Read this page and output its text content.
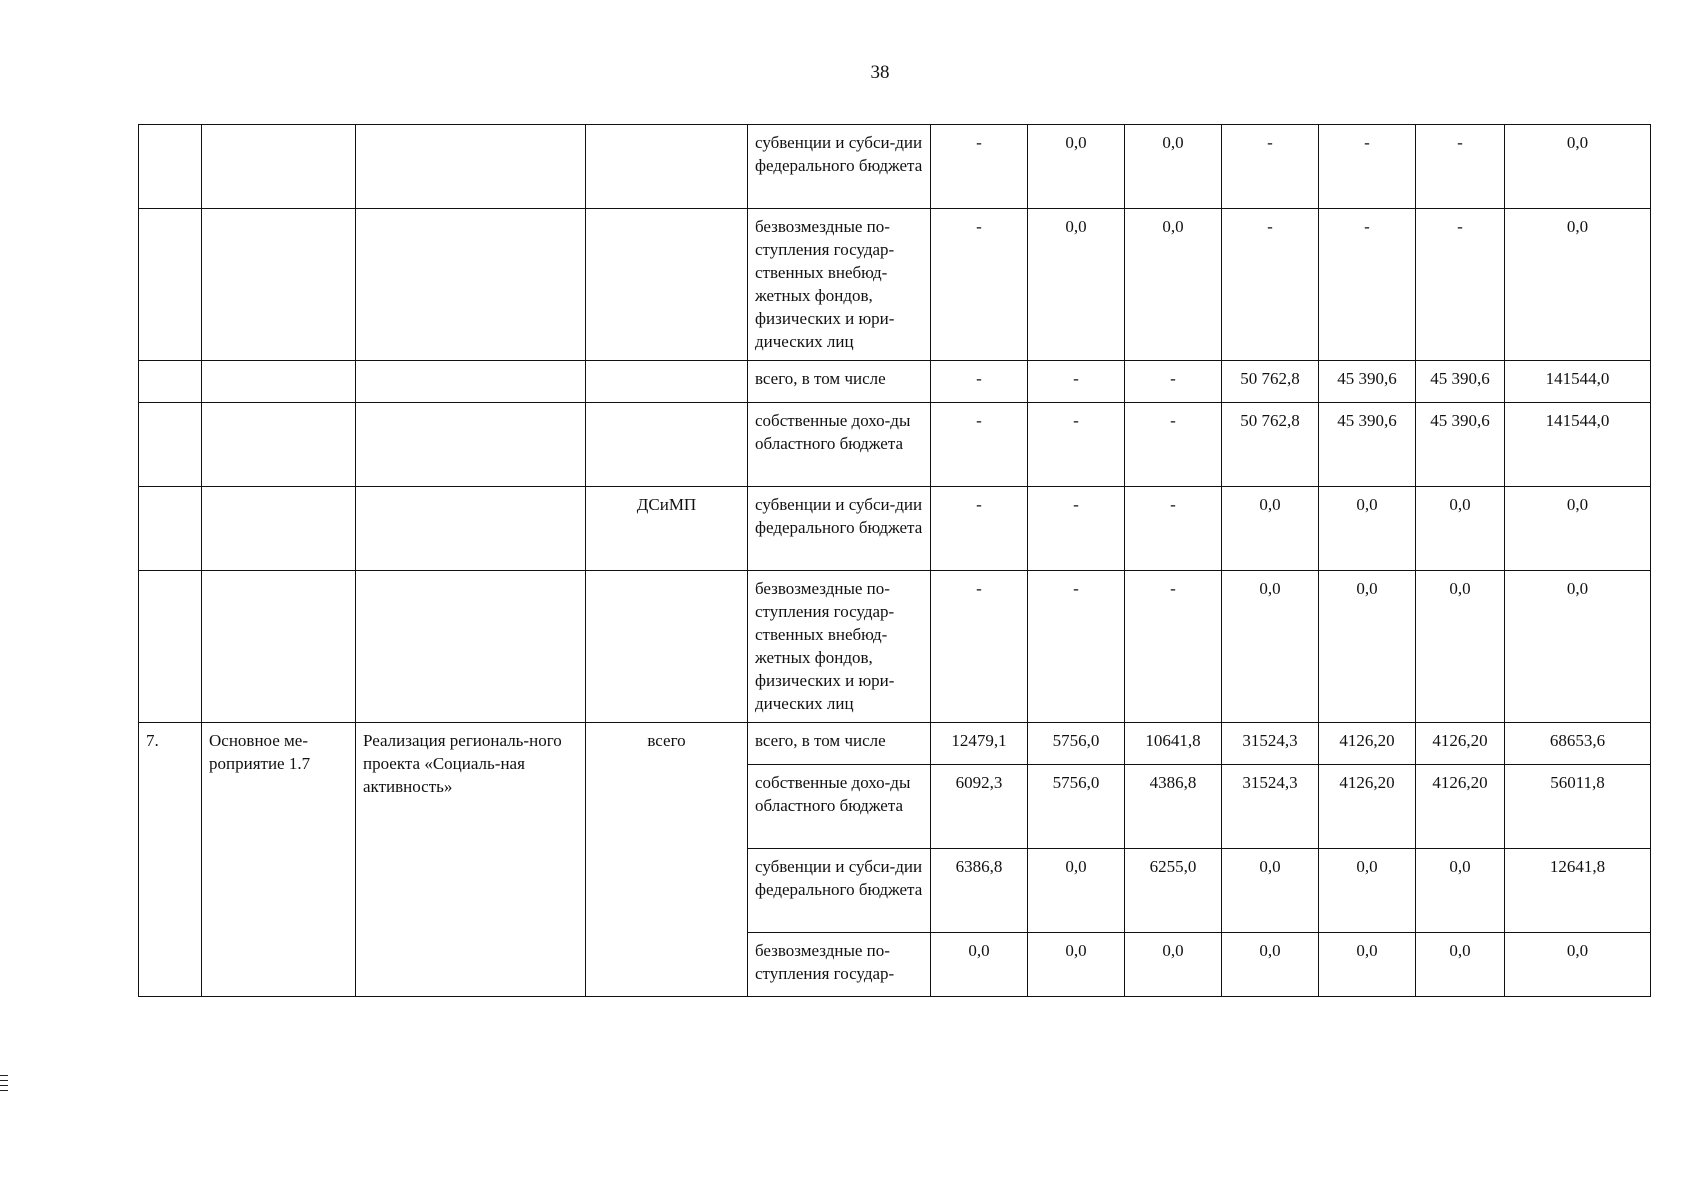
38
				субвенции и субси-дии федерального бюджета	-	0,0	0,0	-	-	-	0,0
				безвозмездные по-ступления государ-ственных внебюд-жетных фондов, физических и юри-дических лиц	-	0,0	0,0	-	-	-	0,0
				всего, в том числе	-	-	-	50 762,8	45 390,6	45 390,6	141544,0
				собственные дохо-ды областного бюджета	-	-	-	50 762,8	45 390,6	45 390,6	141544,0
			ДСиМП	субвенции и субси-дии федерального бюджета	-	-	-	0,0	0,0	0,0	0,0
				безвозмездные по-ступления государ-ственных внебюд-жетных фондов, физических и юри-дических лиц	-	-	-	0,0	0,0	0,0	0,0
7.	Основное ме-роприятие 1.7	Реализация региональ-ного проекта «Социаль-ная активность»	всего	всего, в том числе	12479,1	5756,0	10641,8	31524,3	4126,20	4126,20	68653,6
				собственные дохо-ды областного бюджета	6092,3	5756,0	4386,8	31524,3	4126,20	4126,20	56011,8
				субвенции и субси-дии федерального бюджета	6386,8	0,0	6255,0	0,0	0,0	0,0	12641,8
				безвозмездные по-ступления государ-	0,0	0,0	0,0	0,0	0,0	0,0	0,0
